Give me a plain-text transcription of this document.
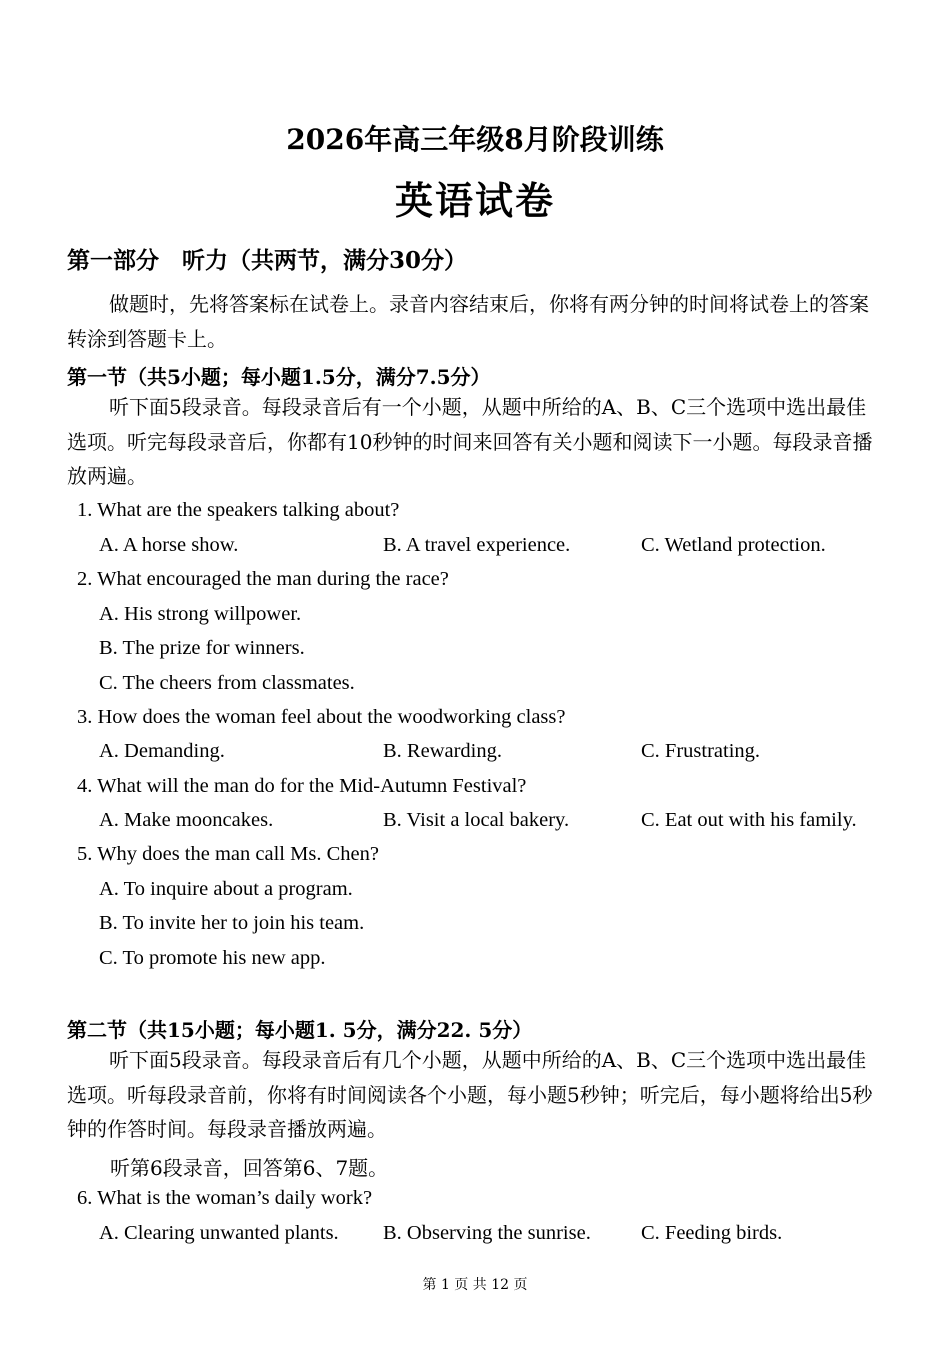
2026年高三年级8月阶段训练
英语试卷
第一部分　听力（共两节，满分30分）

做题时，先将答案标在试卷上。录音内容结束后，你将有两分钟的时间将试卷上的答案转涂到答题卡上。

第一节（共5小题；每小题1.5分，满分7.5分）

听下面5段录音。每段录音后有一个小题，从题中所给的A、B、C三个选项中选出最佳选项。听完每段录音后，你都有10秒钟的时间来回答有关小题和阅读下一小题。每段录音播放两遍。

1. What are the speakers talking about?
A. A horse show.	B. A travel experience.	C. Wetland protection.
2. What encouraged the man during the race?
A. His strong willpower.
B. The prize for winners.
C. The cheers from classmates.
3. How does the woman feel about the woodworking class?
A. Demanding.	B. Rewarding.	C. Frustrating.
4. What will the man do for the Mid-Autumn Festival?
A. Make mooncakes.	B. Visit a local bakery.	C. Eat out with his family.
5. Why does the man call Ms. Chen?
A. To inquire about a program.
B. To invite her to join his team.
C. To promote his new app.
第二节（共15小题；每小题1. 5分，满分22. 5分）

听下面5段录音。每段录音后有几个小题，从题中所给的A、B、C三个选项中选出最佳选项。听每段录音前，你将有时间阅读各个小题，每小题5秒钟；听完后，每小题将给出5秒钟的作答时间。每段录音播放两遍。

听第6段录音，回答第6、7题。
6. What is the woman’s daily work?
A. Clearing unwanted plants. B. Observing the sunrise. C. Feeding birds.
第 1 页 共 12 页
